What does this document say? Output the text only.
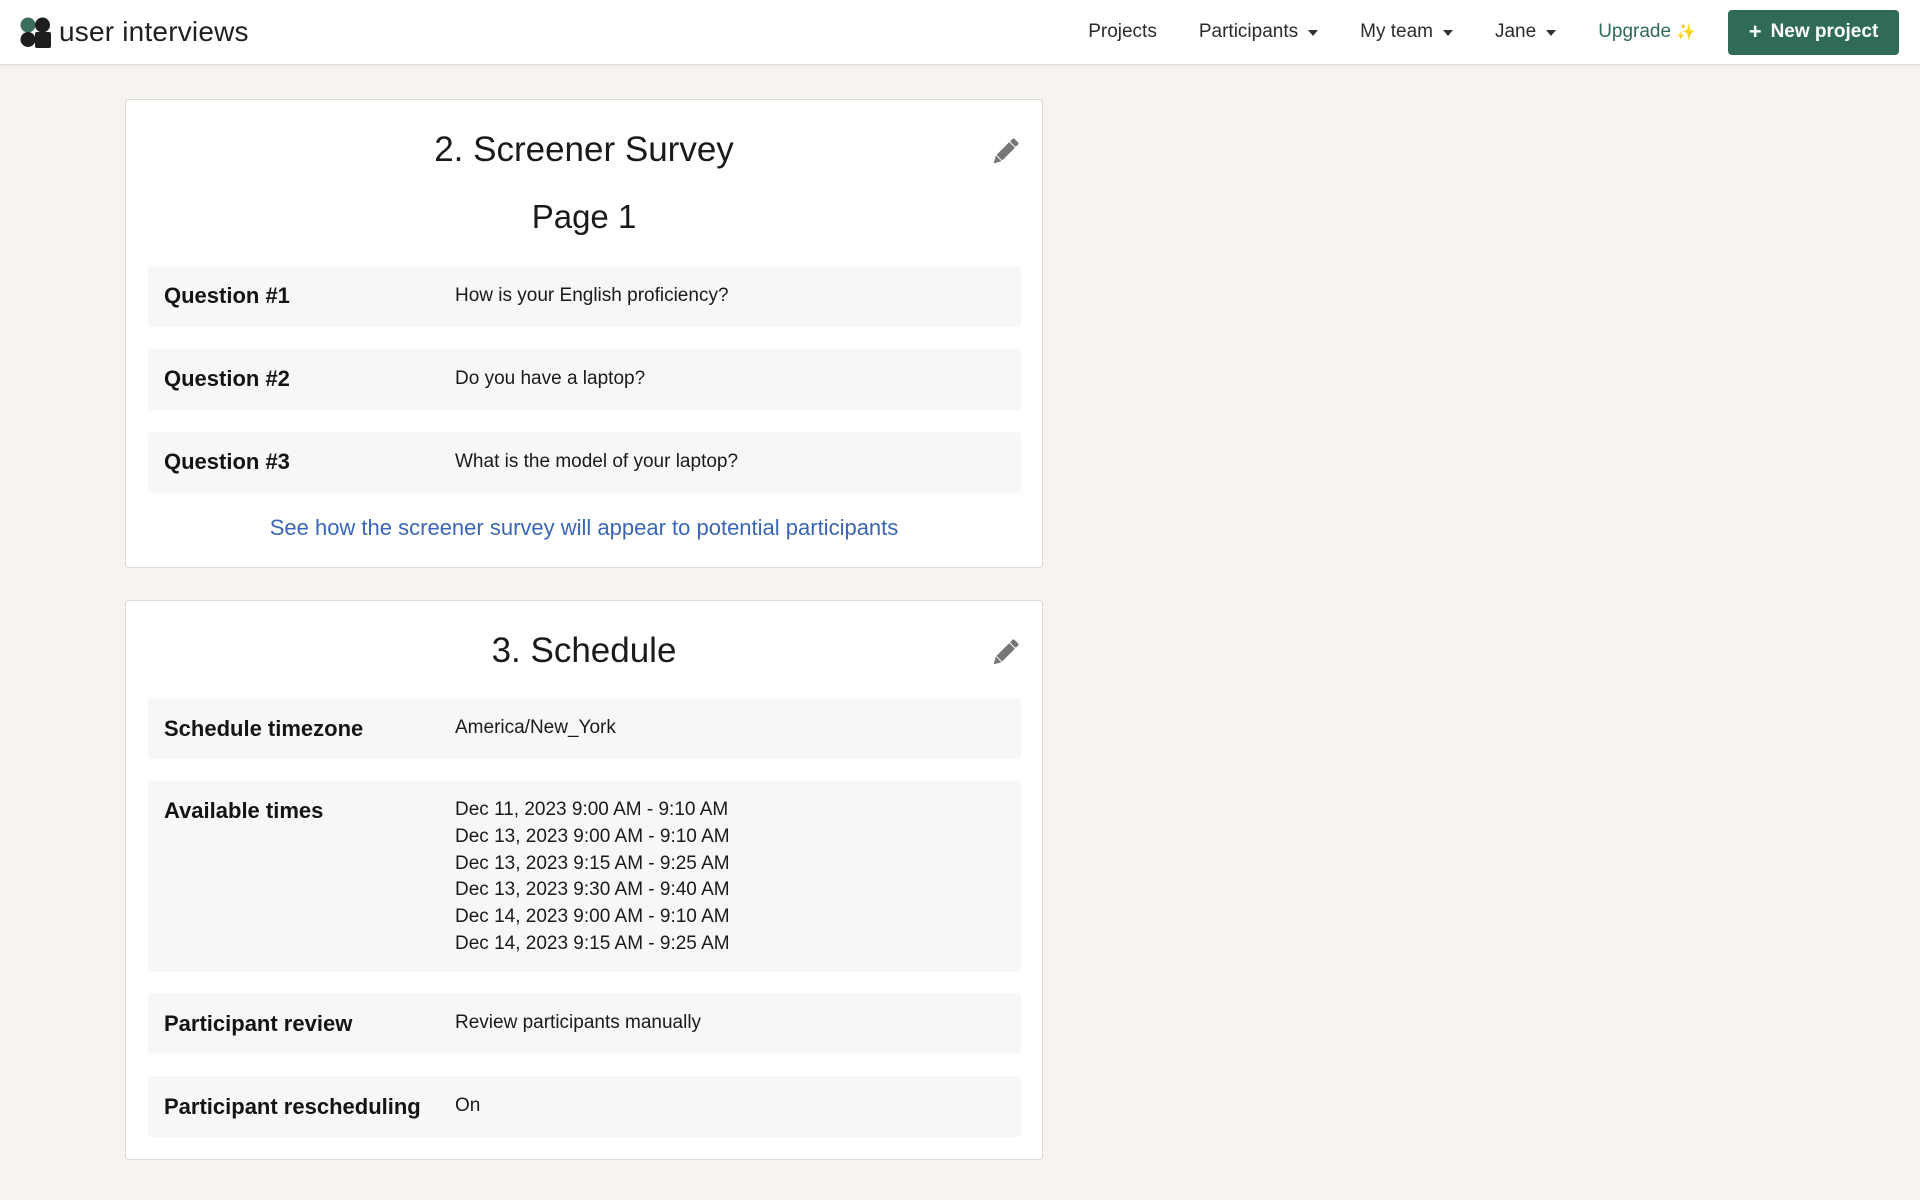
user interviews	Projects Participants	My team	Jane	Upgrade ✨ + New project
2. Screener Survey
Page 1
Question #1	How is your English proficiency?
Question #2	Do you have a laptop?
Question #3	What is the model of your laptop?
See how the screener survey will appear to potential participants
3. Schedule
Schedule timezone	America/New_York
Available times	Dec 11, 2023 9:00 AM - 9:10 AM
Dec 13, 2023 9:00 AM - 9:10 AM
Dec 13, 2023 9:15 AM - 9:25 AM
Dec 13, 2023 9:30 AM - 9:40 AM
Dec 14, 2023 9:00 AM - 9:10 AM
Dec 14, 2023 9:15 AM - 9:25 AM
Participant review	Review participants manually
Participant rescheduling On
